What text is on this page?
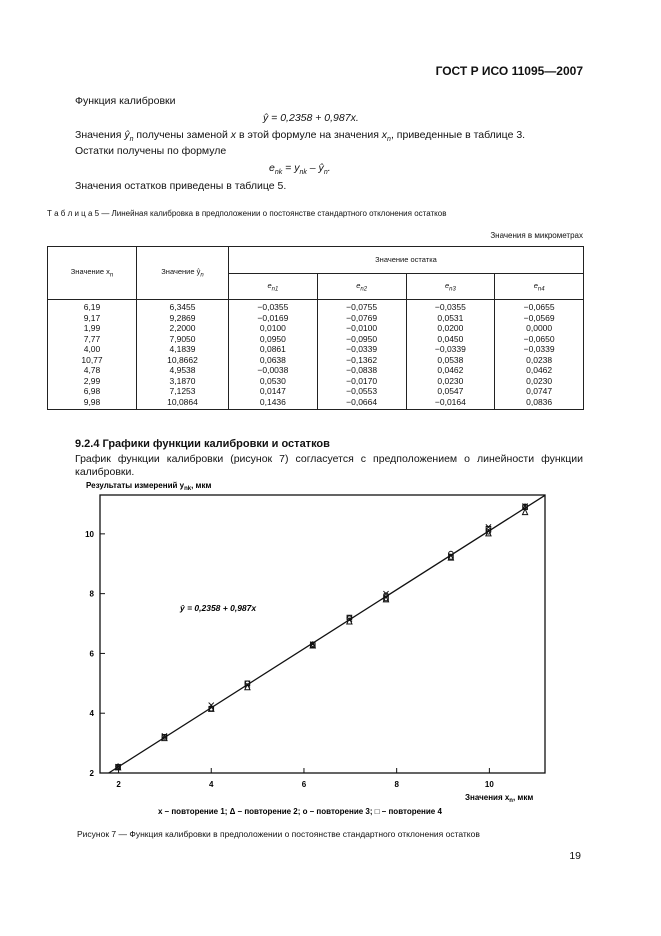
ГОСТ Р ИСО 11095—2007
Функция калибровки
ŷ = 0,2358 + 0,987x.
Значения $ŷ_n$ получены заменой x в этой формуле на значения $x_n$, приведенные в таблице 3.
Остатки получены по формуле
$e_{nk} = y_{nk}$ – $ŷ_n$.
Значения остатков приведены в таблице 5.
Т а б л и ц а 5 — Линейная калибровка в предположении о постоянстве стандартного отклонения остатков
Значения в микрометрах
Значение $x_n$	Значение $ŷ_n$	Значение остатка			
		$e_{n1}$	$e_{n2}$	$e_{n3}$	$e_{n4}$
6,19	6,3455	−0,0355	−0,0755	−0,0355	−0,0655
9,17	9,2869	−0,0169	−0,0769	0,0531	−0,0569
1,99	2,2000	0,0100	−0,0100	0,0200	0,0000
7,77	7,9050	0,0950	−0,0950	0,0450	−0,0650
4,00	4,1839	0,0861	−0,0339	−0,0339	−0,0339
10,77	10,8662	0,0638	−0,1362	0,0538	0,0238
4,78	4,9538	−0,0038	−0,0838	0,0462	0,0462
2,99	3,1870	0,0530	−0,0170	0,0230	0,0230
6,98	7,1253	0,0147	−0,0553	0,0547	0,0747
9,98	10,0864	0,1436	−0,0664	−0,0164	0,0836
9.2.4 Графики функции калибровки и остатков
График функции калибровки (рисунок 7) согласуется с предположением о линейности функции калибровки.
2	4	6	8	10
2
4
6
8
10
ŷ = 0,2358 + 0,987x
Результаты измерений $y_{nk}$, мкм
Значения $x_n$, мкм
x – повторение 1; Δ – повторение 2; о – повторение 3; □ – повторение 4
Рисунок 7 — Функция калибровки в предположении о постоянстве стандартного отклонения остатков
19
